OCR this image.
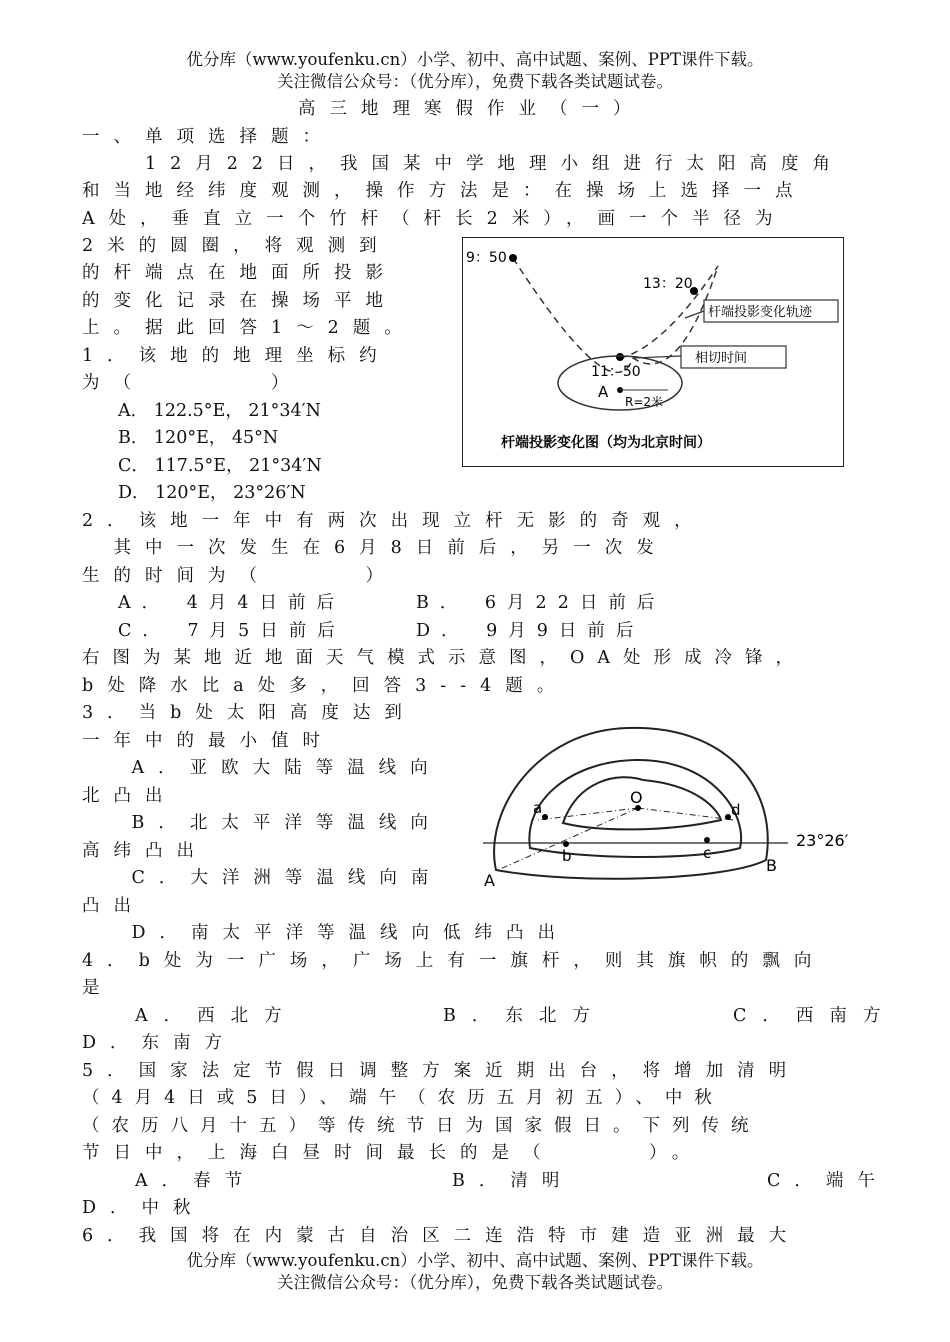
优分库（www.youfenku.cn）小学、初中、高中试题、案例、PPT课件下载。
关注微信公众号：（优分库），免费下载各类试题试卷。
高三地理寒假作业（一）
一、单项选择题：
　　12月22日，我国某中学地理小组进行太阳高度角
和当地经纬度观测，操作方法是：在操场上选择一点
A处，垂直立一个竹杆（杆长2米），画一个半径为
2米的圆圈，将观测到
的杆端点在地面所投影
的变化记录在操场平地
上。据此回答1～2题。
1．该地的地理坐标约
为（　　　　）
A． 122.5°E， 21°34′N
B． 120°E， 45°N
C． 117.5°E， 21°34′N
D． 120°E， 23°26′N
9：50
13：20
11：50
A
R=2米
杆端投影变化轨迹
相切时间
杆端投影变化图（均为北京时间）
2．该地一年中有两次出现立杆无影的奇观，
　其中一次发生在6月8日前后，另一次发
生的时间为（　　　）
A． 4月4日前后	B． 6月22日前后
C． 7月5日前后	D． 9月9日前后
右图为某地近地面天气模式示意图，OA处形成冷锋，
b处降水比a处多，回答3--4题。
3．当b处太阳高度达到
一年中的最小值时
　A．亚欧大陆等温线向
北凸出
　B．北太平洋等温线向
高纬凸出
　C．大洋洲等温线向南
凸出
　D．南太平洋等温线向低纬凸出
O
a
b	c
d
A
B
23°26′
4．b处为一广场，广场上有一旗杆，则其旗帜的飘向
是
A．西北方	B．东北方	C．西南方
D．东南方
5．国家法定节假日调整方案近期出台，将增加清明
（4月4日或5日）、端午（农历五月初五）、中秋
（农历八月十五）等传统节日为国家假日。下列传统
节日中，上海白昼时间最长的是（　　　）。
A．春节	B．清明	C．端午
D．中秋
6．我国将在内蒙古自治区二连浩特市建造亚洲最大
优分库（www.youfenku.cn）小学、初中、高中试题、案例、PPT课件下载。
关注微信公众号：（优分库），免费下载各类试题试卷。
